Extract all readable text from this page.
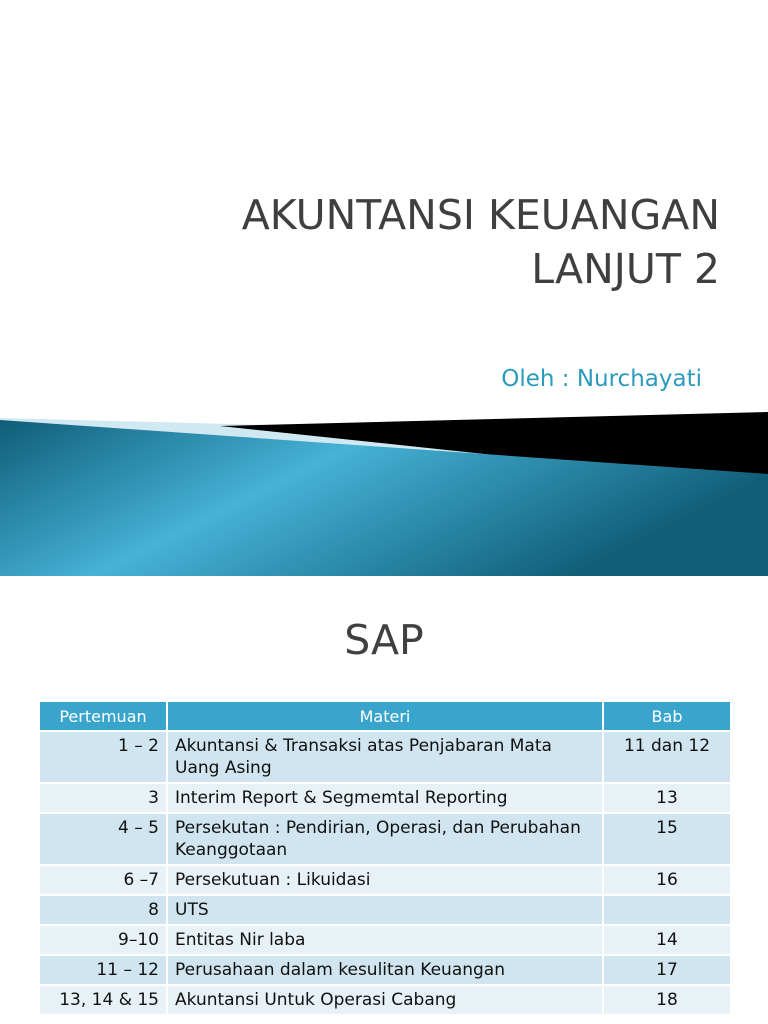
AKUNTANSI KEUANGAN
LANJUT 2
Oleh : Nurchayati
SAP
Pertemuan	Materi	Bab
1 – 2	Akuntansi & Transaksi atas Penjabaran Mata Uang Asing	11 dan 12
3	Interim Report & Segmemtal Reporting	13
4 – 5	Persekutan : Pendirian, Operasi, dan Perubahan Keanggotaan	15
6 –7	Persekutuan : Likuidasi	16
8	UTS	
9–10	Entitas Nir laba	14
11 – 12	Perusahaan dalam kesulitan Keuangan	17
13, 14 & 15	Akuntansi Untuk Operasi Cabang	18
